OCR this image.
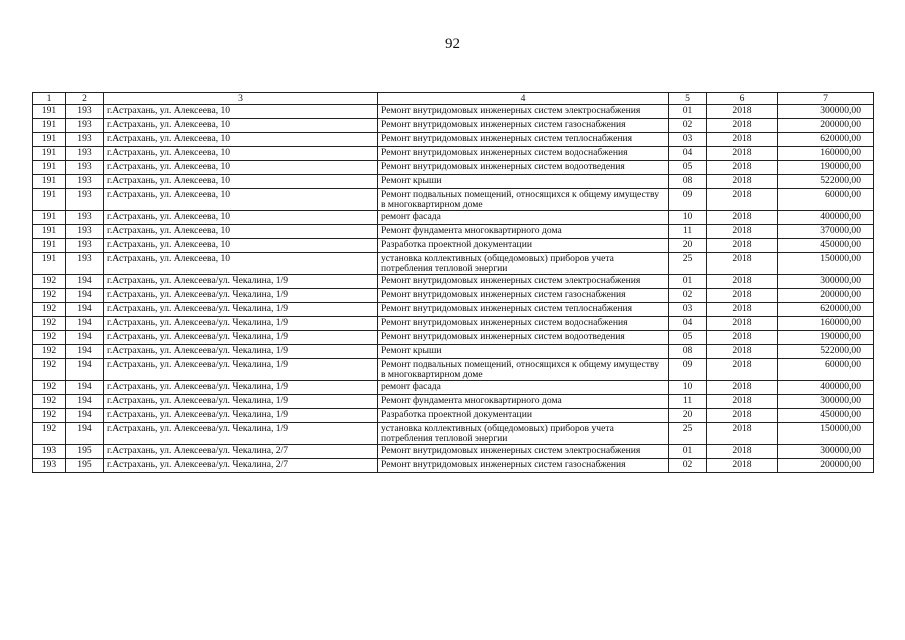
92
1	2	3	4	5	6	7
191	193	г.Астрахань, ул. Алексеева, 10	Ремонт внутридомовых инженерных систем электроснабжения	01	2018	300000,00
191	193	г.Астрахань, ул. Алексеева, 10	Ремонт внутридомовых инженерных систем газоснабжения	02	2018	200000,00
191	193	г.Астрахань, ул. Алексеева, 10	Ремонт внутридомовых инженерных систем теплоснабжения	03	2018	620000,00
191	193	г.Астрахань, ул. Алексеева, 10	Ремонт внутридомовых инженерных систем водоснабжения	04	2018	160000,00
191	193	г.Астрахань, ул. Алексеева, 10	Ремонт внутридомовых инженерных систем водоотведения	05	2018	190000,00
191	193	г.Астрахань, ул. Алексеева, 10	Ремонт крыши	08	2018	522000,00
191	193	г.Астрахань, ул. Алексеева, 10	Ремонт подвальных помещений, относящихся к общему имуществу в многоквартирном доме	09	2018	60000,00
191	193	г.Астрахань, ул. Алексеева, 10	ремонт фасада	10	2018	400000,00
191	193	г.Астрахань, ул. Алексеева, 10	Ремонт фундамента многоквартирного дома	11	2018	370000,00
191	193	г.Астрахань, ул. Алексеева, 10	Разработка проектной документации	20	2018	450000,00
191	193	г.Астрахань, ул. Алексеева, 10	установка коллективных (общедомовых) приборов учета потребления тепловой энергии	25	2018	150000,00
192	194	г.Астрахань, ул. Алексеева/ул. Чекалина, 1/9	Ремонт внутридомовых инженерных систем электроснабжения	01	2018	300000,00
192	194	г.Астрахань, ул. Алексеева/ул. Чекалина, 1/9	Ремонт внутридомовых инженерных систем газоснабжения	02	2018	200000,00
192	194	г.Астрахань, ул. Алексеева/ул. Чекалина, 1/9	Ремонт внутридомовых инженерных систем теплоснабжения	03	2018	620000,00
192	194	г.Астрахань, ул. Алексеева/ул. Чекалина, 1/9	Ремонт внутридомовых инженерных систем водоснабжения	04	2018	160000,00
192	194	г.Астрахань, ул. Алексеева/ул. Чекалина, 1/9	Ремонт внутридомовых инженерных систем водоотведения	05	2018	190000,00
192	194	г.Астрахань, ул. Алексеева/ул. Чекалина, 1/9	Ремонт крыши	08	2018	522000,00
192	194	г.Астрахань, ул. Алексеева/ул. Чекалина, 1/9	Ремонт подвальных помещений, относящихся к общему имуществу в многоквартирном доме	09	2018	60000,00
192	194	г.Астрахань, ул. Алексеева/ул. Чекалина, 1/9	ремонт фасада	10	2018	400000,00
192	194	г.Астрахань, ул. Алексеева/ул. Чекалина, 1/9	Ремонт фундамента многоквартирного дома	11	2018	300000,00
192	194	г.Астрахань, ул. Алексеева/ул. Чекалина, 1/9	Разработка проектной документации	20	2018	450000,00
192	194	г.Астрахань, ул. Алексеева/ул. Чекалина, 1/9	установка коллективных (общедомовых) приборов учета потребления тепловой энергии	25	2018	150000,00
193	195	г.Астрахань, ул. Алексеева/ул. Чекалина, 2/7	Ремонт внутридомовых инженерных систем электроснабжения	01	2018	300000,00
193	195	г.Астрахань, ул. Алексеева/ул. Чекалина, 2/7	Ремонт внутридомовых инженерных систем газоснабжения	02	2018	200000,00
